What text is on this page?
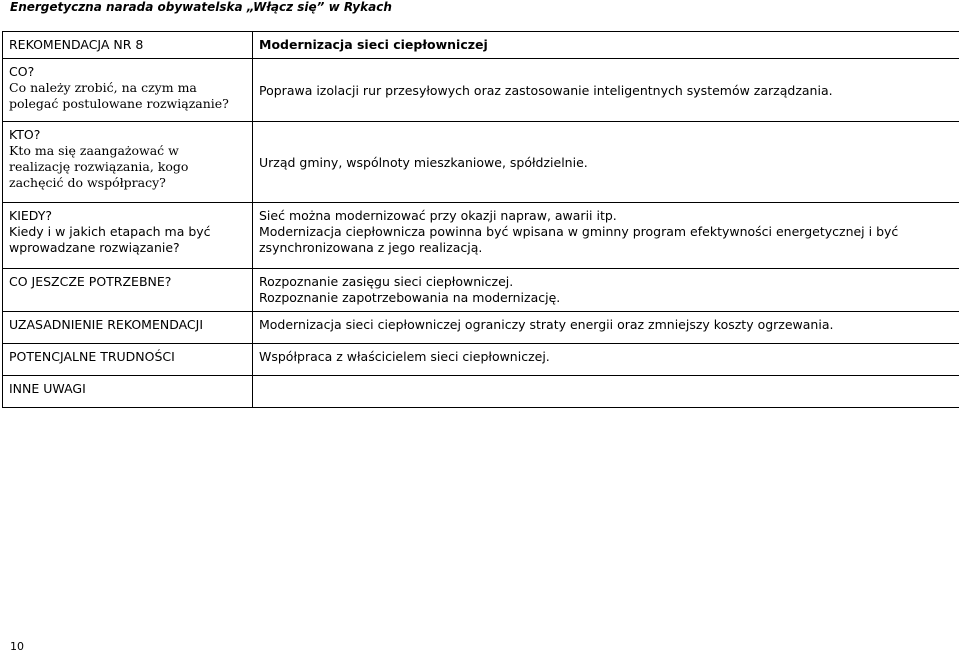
Energetyczna narada obywatelska „Włącz się” w Rykach
REKOMENDACJA NR 8	Modernizacja sieci ciepłowniczej

CO?
Co należy zrobić, na czym ma
polegać postulowane rozwiązanie?	Poprawa izolacji rur przesyłowych oraz zastosowanie inteligentnych systemów zarządzania.

KTO?
Kto ma się zaangażować w
realizację rozwiązania, kogo
zachęcić do współpracy?	Urząd gminy, wspólnoty mieszkaniowe, spółdzielnie.

KIEDY?
Kiedy i w jakich etapach ma być
wprowadzane rozwiązanie?	Sieć można modernizować przy okazji napraw, awarii itp.
Modernizacja ciepłownicza powinna być wpisana w gminny program efektywności energetycznej i być
zsynchronizowana z jego realizacją.

CO JESZCZE POTRZEBNE?	Rozpoznanie zasięgu sieci ciepłowniczej.
Rozpoznanie zapotrzebowania na modernizację.

UZASADNIENIE REKOMENDACJI	Modernizacja sieci ciepłowniczej ograniczy straty energii oraz zmniejszy koszty ogrzewania.

POTENCJALNE TRUDNOŚCI	Współpraca z właścicielem sieci ciepłowniczej.

INNE UWAGI	

10
